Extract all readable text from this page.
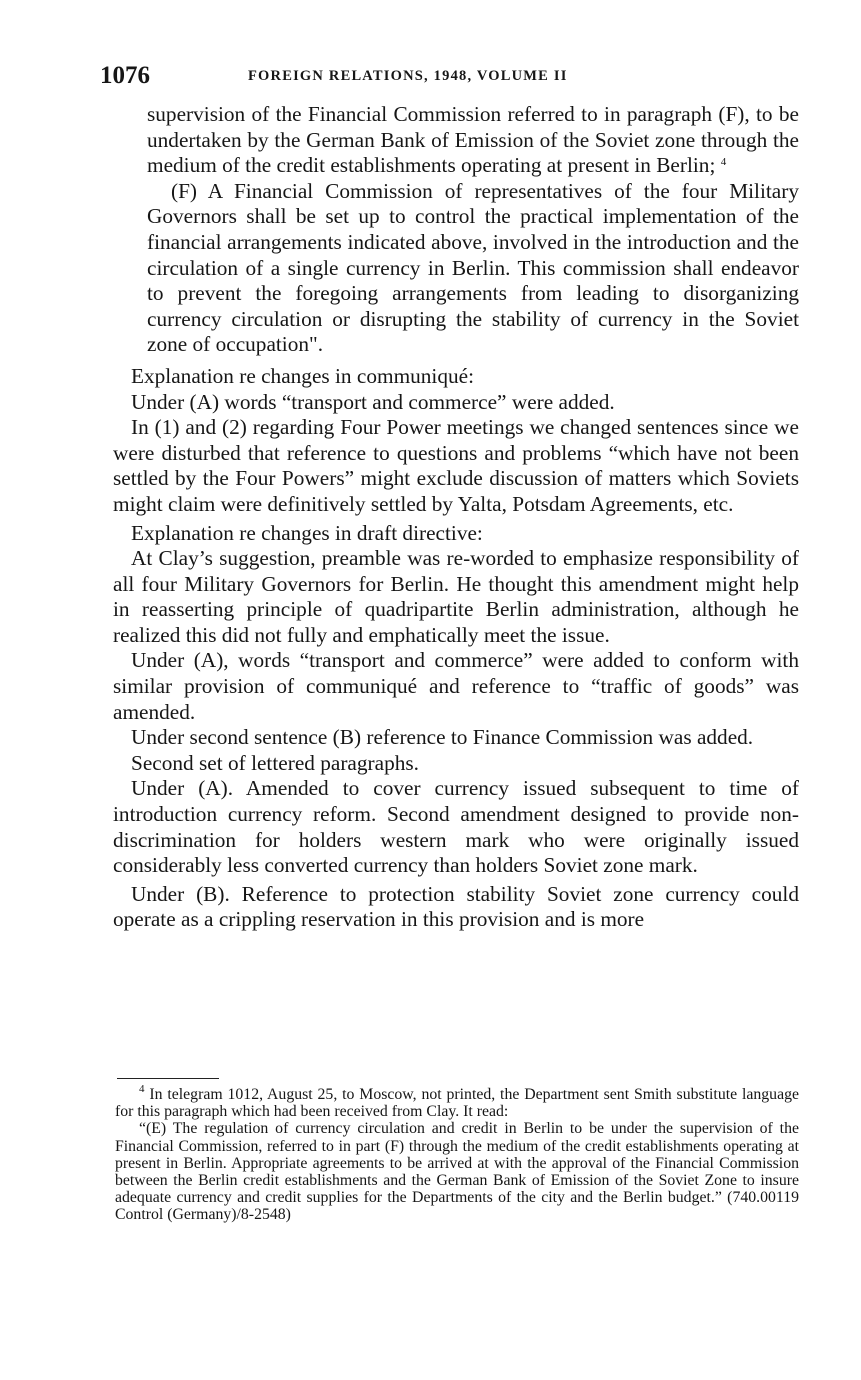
1076	FOREIGN RELATIONS, 1948, VOLUME II

supervision of the Financial Commission referred to in paragraph (F), to be undertaken by the German Bank of Emission of the Soviet zone through the medium of the credit establishments operating at present in Berlin; $^4$

(F) A Financial Commission of representatives of the four Military Governors shall be set up to control the practical implementation of the financial arrangements indicated above, involved in the introduction and the circulation of a single currency in Berlin. This commission shall endeavor to prevent the foregoing arrangements from leading to disorganizing currency circulation or disrupting the stability of currency in the Soviet zone of occupation".

Explanation re changes in communiqué:

Under (A) words “transport and commerce” were added.

In (1) and (2) regarding Four Power meetings we changed sentences since we were disturbed that reference to questions and problems “which have not been settled by the Four Powers” might exclude discussion of matters which Soviets might claim were definitively settled by Yalta, Potsdam Agreements, etc.

Explanation re changes in draft directive:

At Clay’s suggestion, preamble was re-worded to emphasize responsibility of all four Military Governors for Berlin. He thought this amendment might help in reasserting principle of quadripartite Berlin administration, although he realized this did not fully and emphatically meet the issue.

Under (A), words “transport and commerce” were added to conform with similar provision of communiqué and reference to “traffic of goods” was amended.

Under second sentence (B) reference to Finance Commission was added.

Second set of lettered paragraphs.

Under (A). Amended to cover currency issued subsequent to time of introduction currency reform. Second amendment designed to provide non-discrimination for holders western mark who were originally issued considerably less converted currency than holders Soviet zone mark.

Under (B). Reference to protection stability Soviet zone currency could operate as a crippling reservation in this provision and is more

$^4$ In telegram 1012, August 25, to Moscow, not printed, the Department sent Smith substitute language for this paragraph which had been received from Clay. It read:

“(E) The regulation of currency circulation and credit in Berlin to be under the supervision of the Financial Commission, referred to in part (F) through the medium of the credit establishments operating at present in Berlin. Appropriate agreements to be arrived at with the approval of the Financial Commission between the Berlin credit establishments and the German Bank of Emission of the Soviet Zone to insure adequate currency and credit supplies for the Departments of the city and the Berlin budget.” (740.00119 Control (Germany)/8-2548)
